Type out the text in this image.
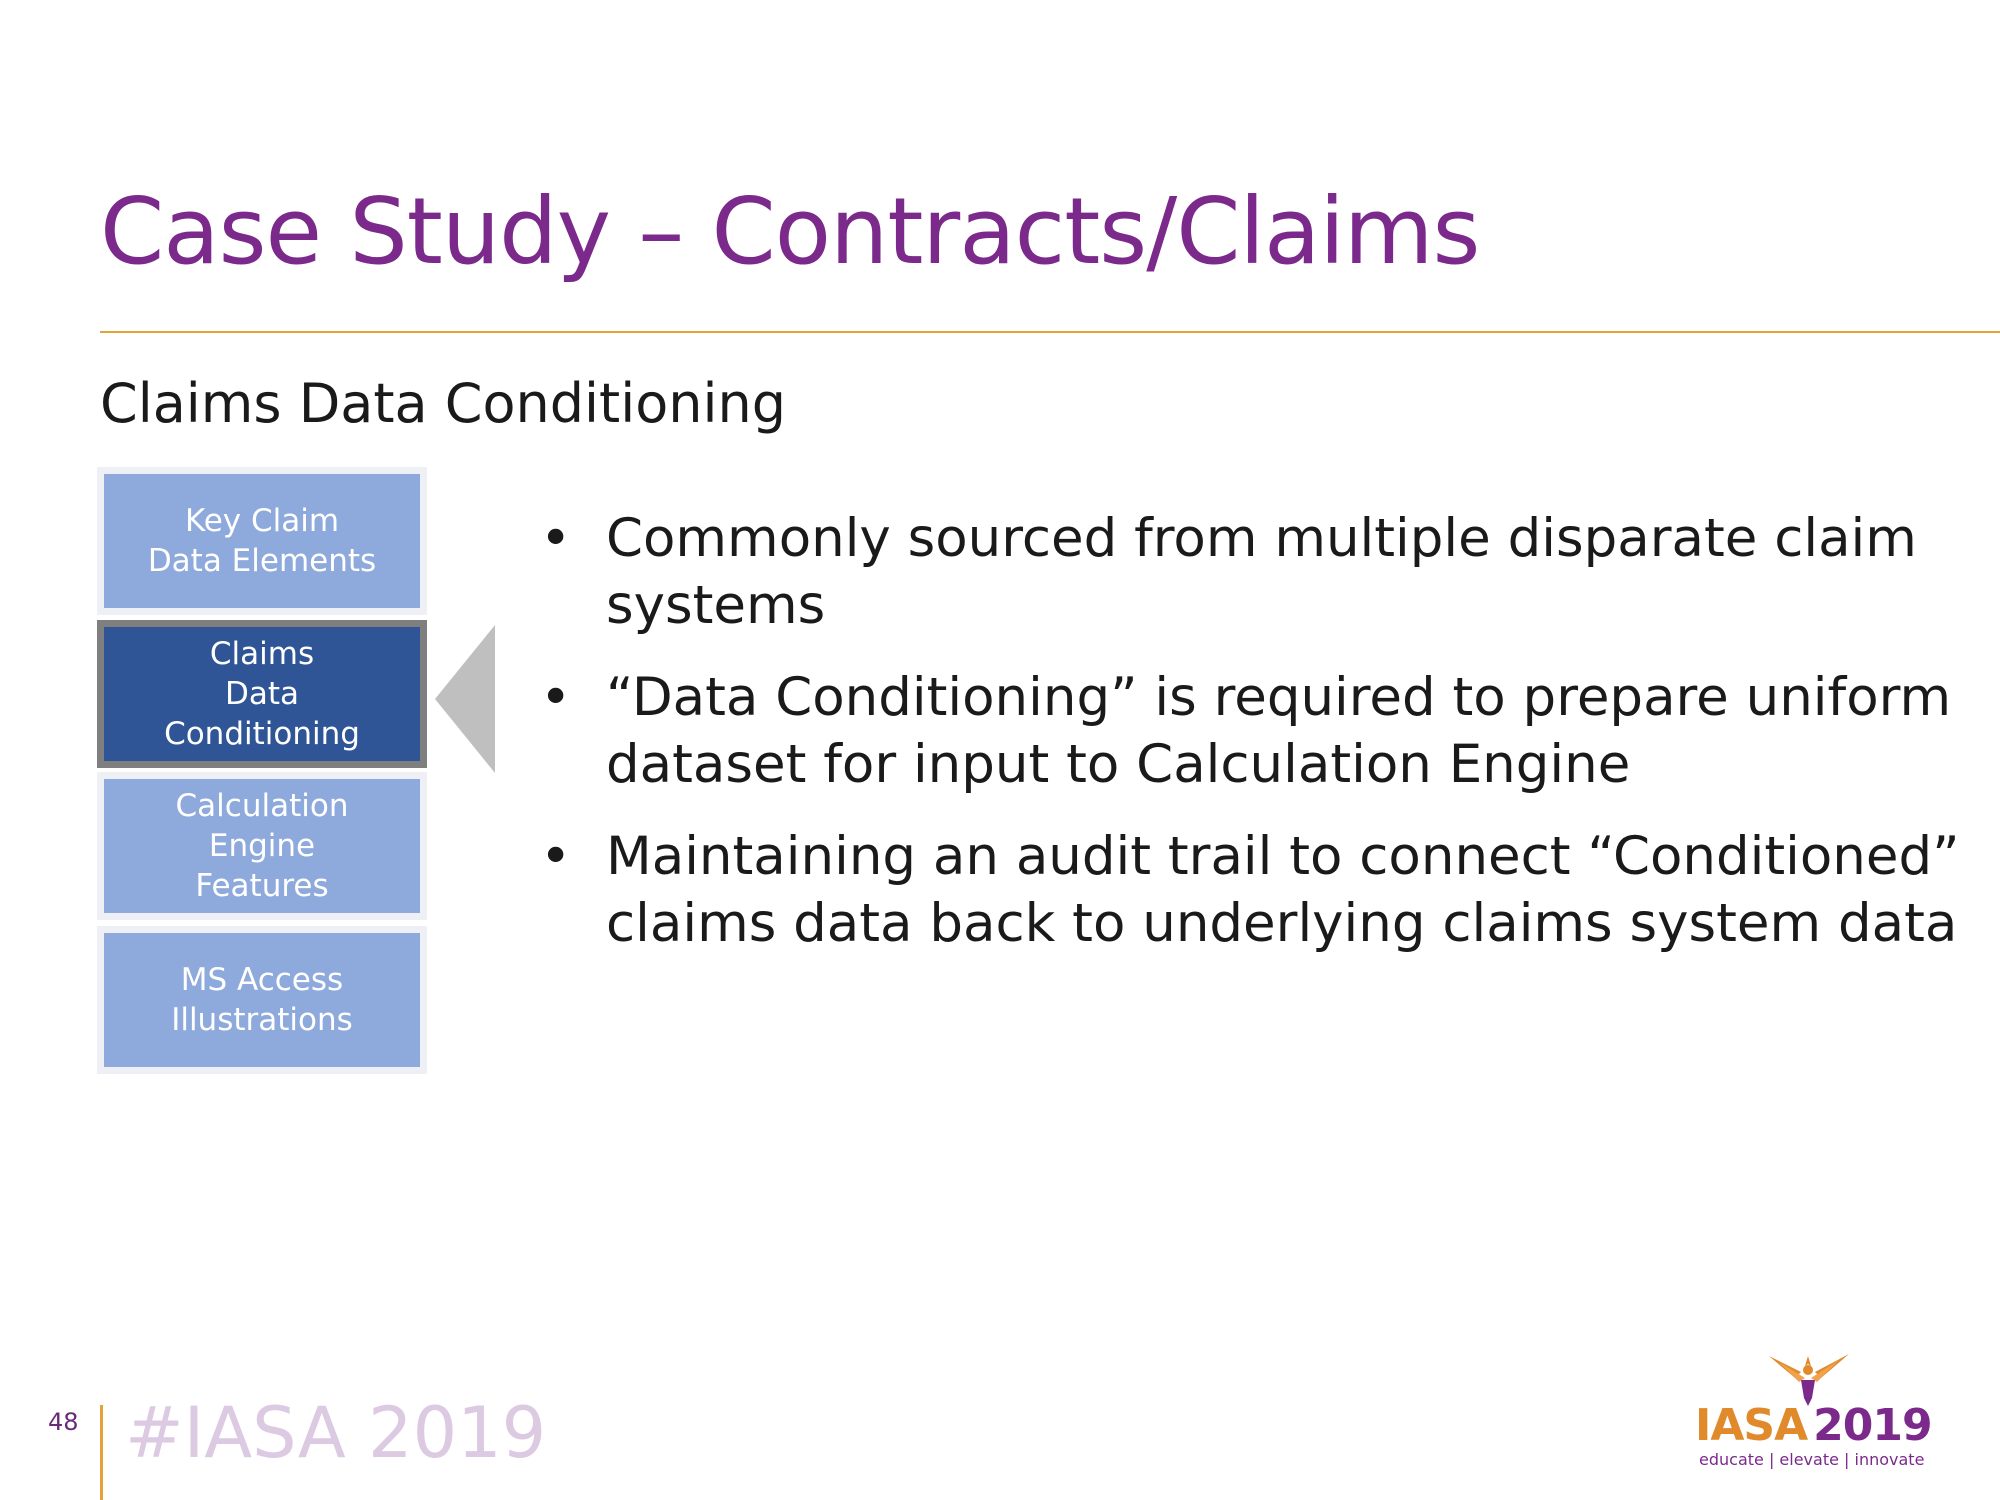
Case Study – Contracts/Claims
Claims Data Conditioning
Key Claim
Data Elements
Claims
Data
Conditioning
Calculation
Engine
Features
MS Access
Illustrations
• Commonly sourced from multiple disparate claim systems
• “Data Conditioning” is required to prepare uniform dataset for input to Calculation Engine
• Maintaining an audit trail to connect “Conditioned” claims data back to underlying claims system data
48 #IASA 2019	IASA 2019
educate | elevate | innovate
